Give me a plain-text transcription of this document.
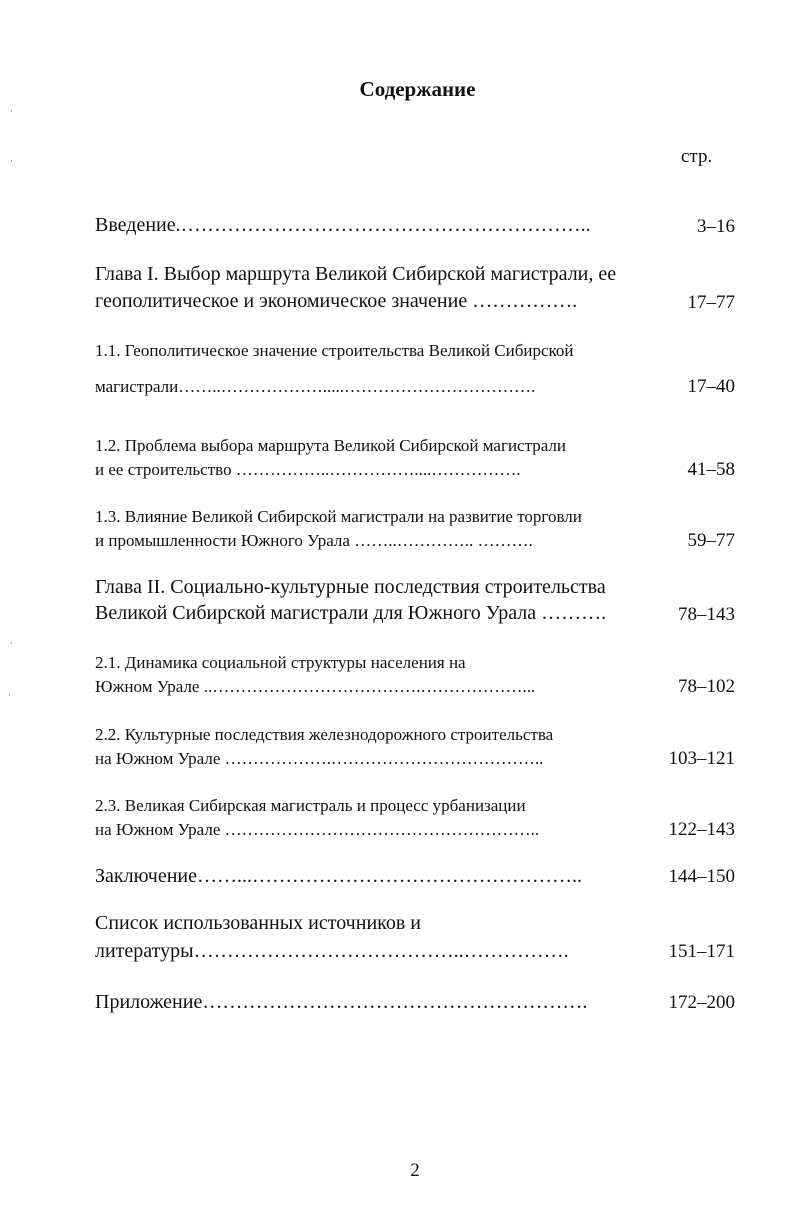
Содержание
стр.
Введение.……………………………………………………..	3–16
Глава I. Выбор маршрута Великой Сибирской магистрали, ее
геополитическое и экономическое значение …………….	17–77
1.1. Геополитическое значение строительства Великой Сибирской
магистрали……..……………….....…………………………….	17–40
1.2. Проблема выбора маршрута Великой Сибирской магистрали
и ее строительство ……………..……………....…………….	41–58
1.3. Влияние Великой Сибирской магистрали на развитие торговли
и промышленности Южного Урала ……..………….. ……….	59–77
Глава II. Социально-культурные последствия строительства
Великой Сибирской магистрали для Южного Урала ……….	78–143
2.1. Динамика социальной структуры населения на
Южном Урале ..……………………………….………………...	78–102
2.2. Культурные последствия железнодорожного строительства
на Южном Урале ……………….………………………………..	103–121
2.3. Великая Сибирская магистраль и процесс урбанизации
на Южном Урале ………………………………………………..	122–143
Заключение……...…………………………………………..	144–150
Список использованных источников и
литературы…………………………………..…………….	151–171
Приложение………………………………………………….	172–200
2
·
·
·
·
